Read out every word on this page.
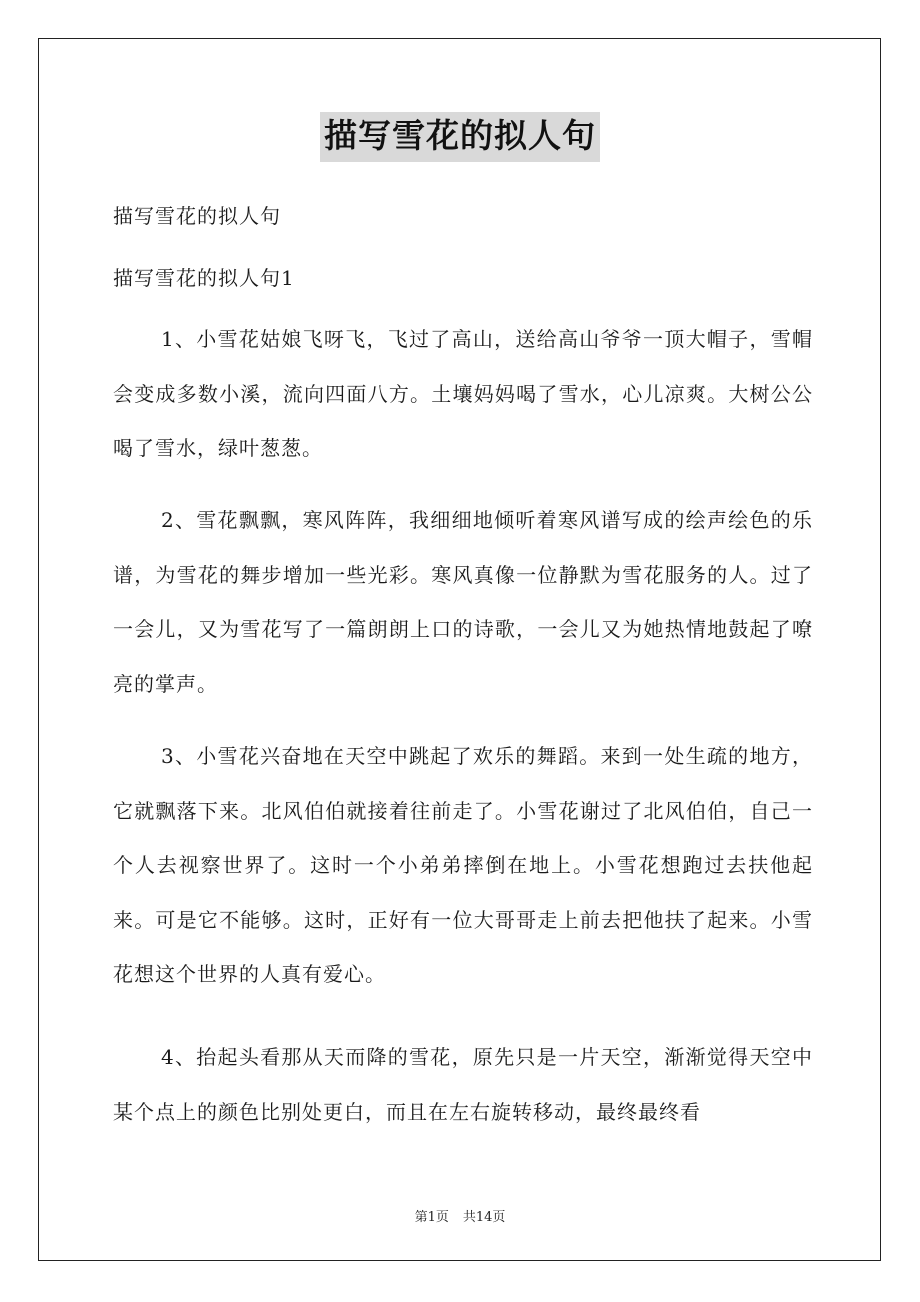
描写雪花的拟人句
描写雪花的拟人句
描写雪花的拟人句1

1、小雪花姑娘飞呀飞，飞过了高山，送给高山爷爷一顶大帽子，雪帽会变成多数小溪，流向四面八方。土壤妈妈喝了雪水，心儿凉爽。大树公公喝了雪水，绿叶葱葱。

2、雪花飘飘，寒风阵阵，我细细地倾听着寒风谱写成的绘声绘色的乐谱，为雪花的舞步增加一些光彩。寒风真像一位静默为雪花服务的人。过了一会儿，又为雪花写了一篇朗朗上口的诗歌，一会儿又为她热情地鼓起了嘹亮的掌声。

3、小雪花兴奋地在天空中跳起了欢乐的舞蹈。来到一处生疏的地方，它就飘落下来。北风伯伯就接着往前走了。小雪花谢过了北风伯伯，自己一个人去视察世界了。这时一个小弟弟摔倒在地上。小雪花想跑过去扶他起来。可是它不能够。这时，正好有一位大哥哥走上前去把他扶了起来。小雪花想这个世界的人真有爱心。

4、抬起头看那从天而降的雪花，原先只是一片天空，渐渐觉得天空中某个点上的颜色比别处更白，而且在左右旋转移动，最终最终看

第1页 共14页
